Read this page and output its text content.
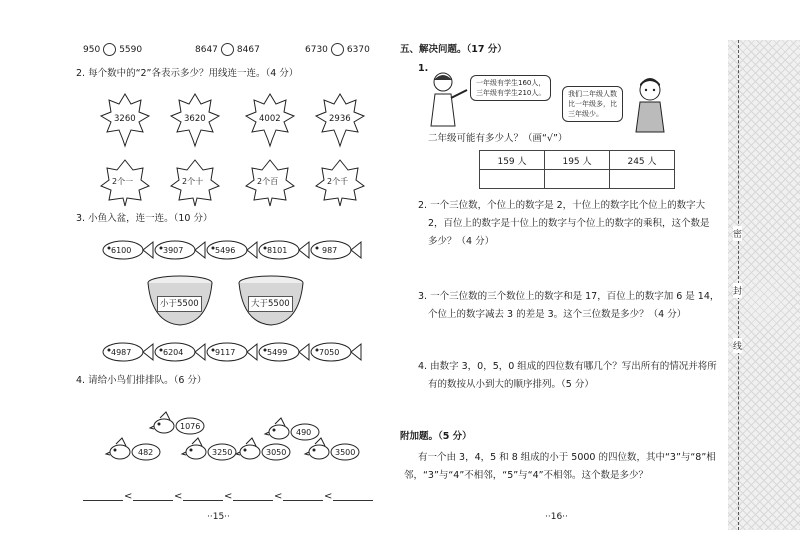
950 5590	8647 8467	6730 6370
2. 每个数中的“2”各表示多少？用线连一连。（4 分）
3260	3620	4002	2936
2个一	2个十	2个百	2个千
3. 小鱼入盆，连一连。（10 分）
6100	3907	5496	8101	987
小于5500	大于5500
4987	6204	9117	5499	7050
4. 请给小鸟们排排队。（6 分）
1076
490
482	3250	3050	3500
<	<	<	<	<
··15··
五、解决问题。（17 分）
1.
一年级有学生160人，
三年级有学生210人。	我们二年级人数
比一年级多，比
三年级少。
二年级可能有多少人？（画“√”）
159 人	195 人	245 人

2. 一个三位数，个位上的数字是 2，十位上的数字比个位上的数字大
2，百位上的数字是十位上的数字与个位上的数字的乘积，这个数是
多少？（4 分）
3. 一个三位数的三个数位上的数字和是 17，百位上的数字加 6 是 14，
个位上的数字减去 3 的差是 3。这个三位数是多少？（4 分）
4. 由数字 3，0，5，0 组成的四位数有哪几个？写出所有的情况并将所
有的数按从小到大的顺序排列。（5 分）
附加题。（5 分）
有一个由 3，4，5 和 8 组成的小于 5000 的四位数，其中“3”与“8”相
邻，“3”与“4”不相邻，“5”与“4”不相邻。这个数是多少？
··16··
密
封
线
